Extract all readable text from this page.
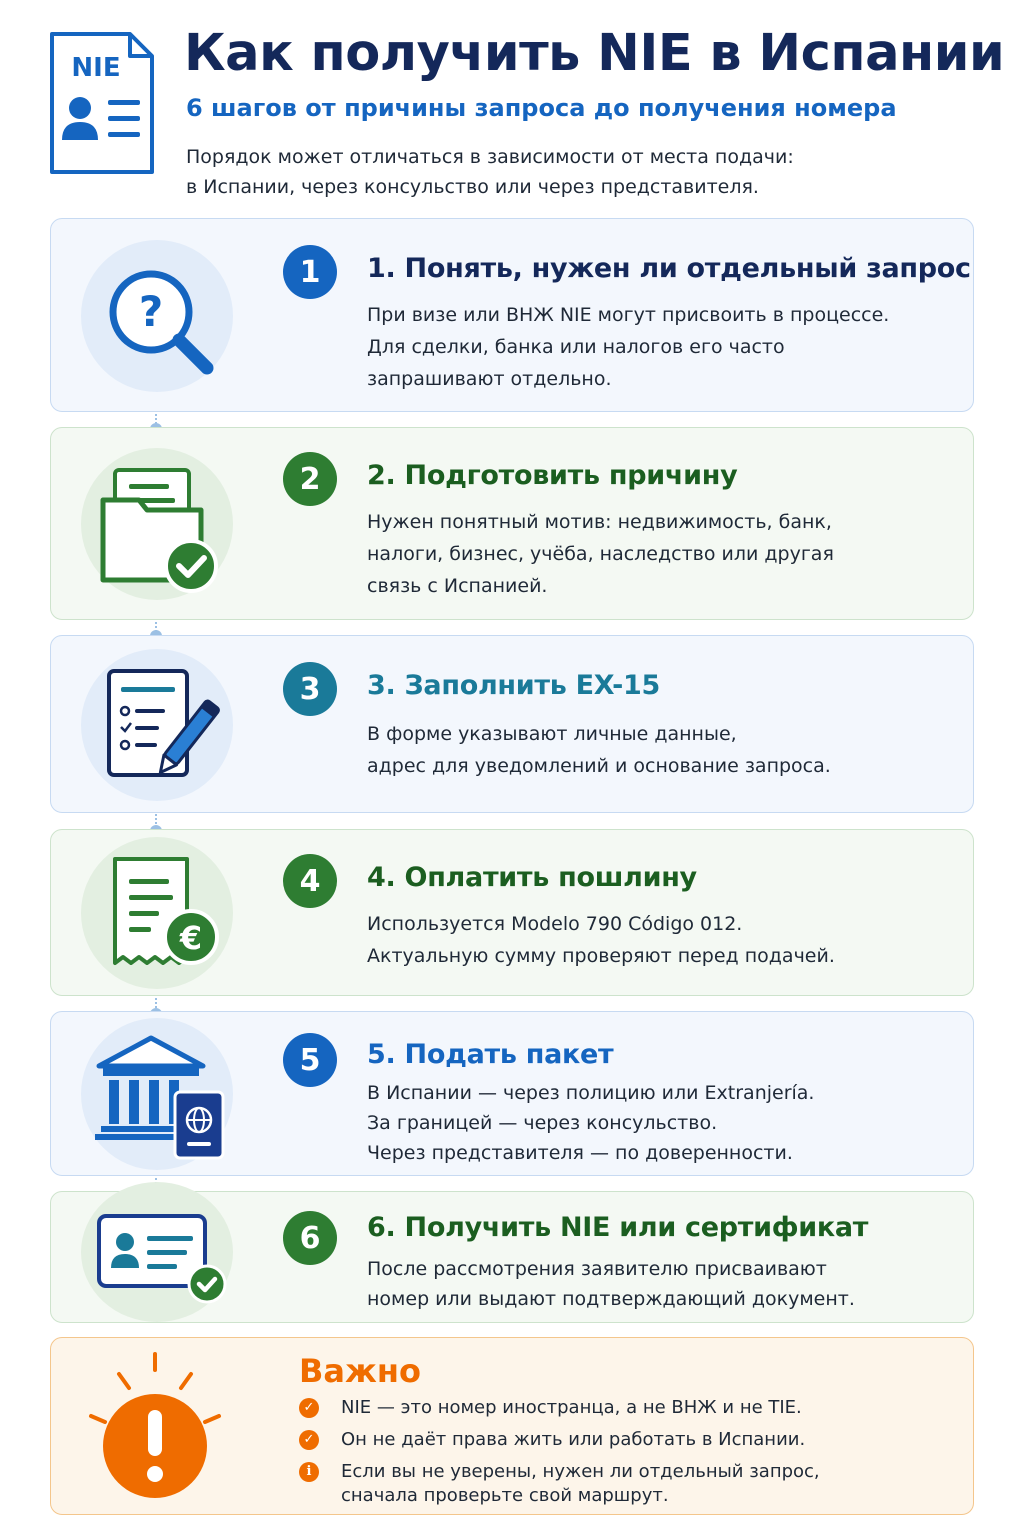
NIE Как получить NIE в Испании

6 шагов от причины запроса до получения номера

Порядок может отличаться в зависимости от места подачи:
в Испании, через консульство или через представителя.

?
1	1. Понять, нужен ли отдельный запрос

При визе или ВНЖ NIE могут присвоить в процессе.
Для сделки, банка или налогов его часто
запрашивают отдельно.

2	2. Подготовить причину

Нужен понятный мотив: недвижимость, банк,
налоги, бизнес, учёба, наследство или другая
связь с Испанией.

3	3. Заполнить EX-15

В форме указывают личные данные,
адрес для уведомлений и основание запроса.

€
4	4. Оплатить пошлину

Используется Modelo 790 Código 012.
Актуальную сумму проверяют перед подачей.

5	5. Подать пакет

В Испании — через полицию или Extranjería.
За границей — через консульство.
Через представителя — по доверенности.

6	6. Получить NIE или сертификат

После рассмотрения заявителю присваивают
номер или выдают подтверждающий документ.

Важно
✓ NIE — это номер иностранца, а не ВНЖ и не TIE.
✓ Он не даёт права жить или работать в Испании.
i	Если вы не уверены, нужен ли отдельный запрос,
сначала проверьте свой маршрут.
